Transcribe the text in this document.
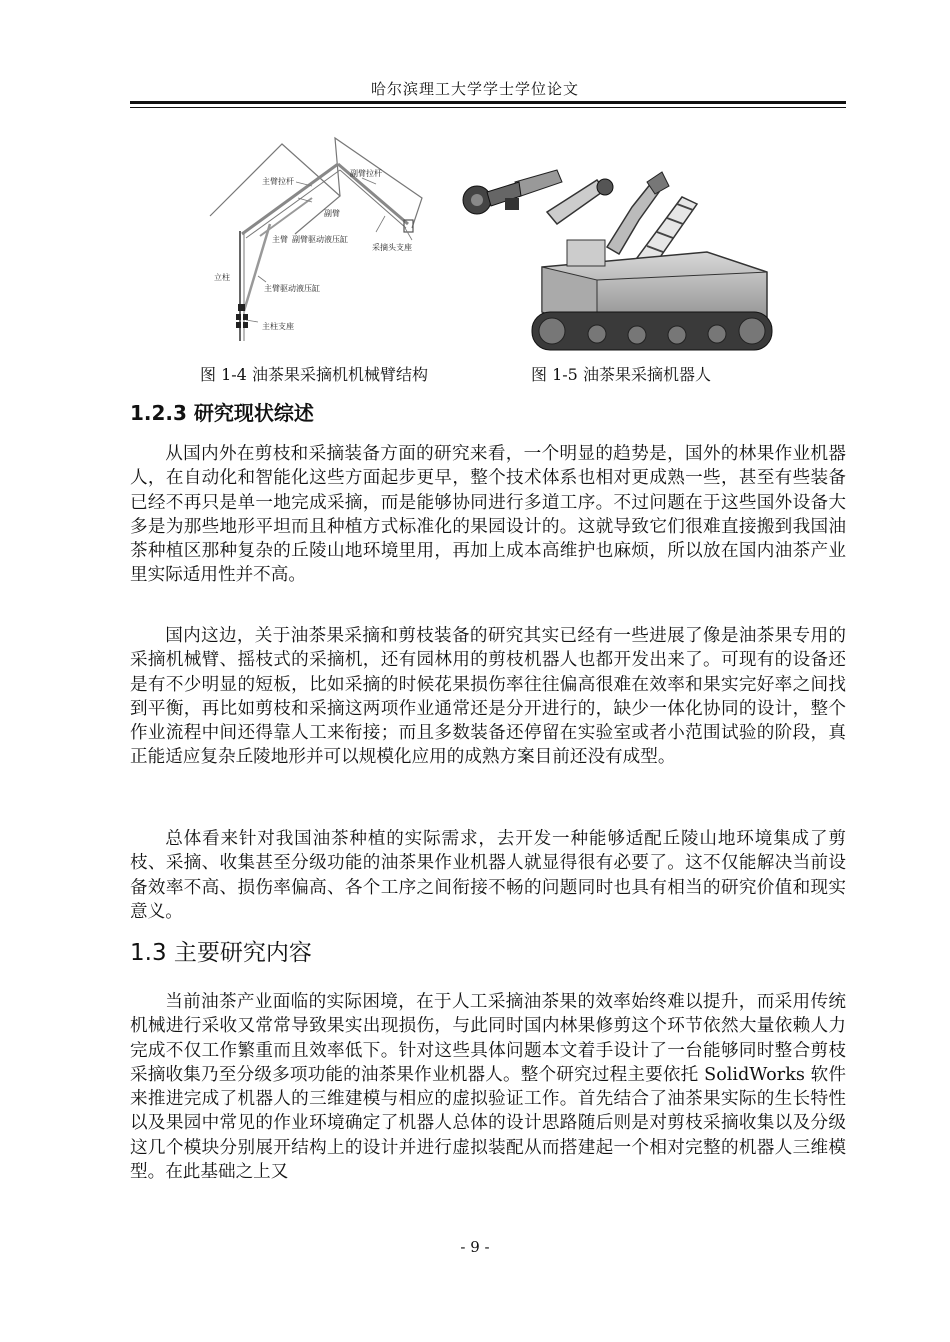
哈尔滨理工大学学士学位论文
主臂拉杆
副臂拉杆
副臂
主臂 副臂驱动液压缸
采摘头支座
立柱
主臂驱动液压缸
主柱支座
图 1-4 油茶果采摘机机械臂结构	图 1-5 油茶果采摘机器人
1.2.3 研究现状综述

从国内外在剪枝和采摘装备方面的研究来看，一个明显的趋势是，国外的林果作业机器人，在自动化和智能化这些方面起步更早，整个技术体系也相对更成熟一些，甚至有些装备已经不再只是单一地完成采摘，而是能够协同进行多道工序。不过问题在于这些国外设备大多是为那些地形平坦而且种植方式标准化的果园设计的。这就导致它们很难直接搬到我国油茶种植区那种复杂的丘陵山地环境里用，再加上成本高维护也麻烦，所以放在国内油茶产业里实际适用性并不高。

国内这边，关于油茶果采摘和剪枝装备的研究其实已经有一些进展了像是油茶果专用的采摘机械臂、摇枝式的采摘机，还有园林用的剪枝机器人也都开发出来了。可现有的设备还是有不少明显的短板，比如采摘的时候花果损伤率往往偏高很难在效率和果实完好率之间找到平衡，再比如剪枝和采摘这两项作业通常还是分开进行的，缺少一体化协同的设计，整个作业流程中间还得靠人工来衔接；而且多数装备还停留在实验室或者小范围试验的阶段，真正能适应复杂丘陵地形并可以规模化应用的成熟方案目前还没有成型。

总体看来针对我国油茶种植的实际需求，去开发一种能够适配丘陵山地环境集成了剪枝、采摘、收集甚至分级功能的油茶果作业机器人就显得很有必要了。这不仅能解决当前设备效率不高、损伤率偏高、各个工序之间衔接不畅的问题同时也具有相当的研究价值和现实意义。

1.3 主要研究内容

当前油茶产业面临的实际困境，在于人工采摘油茶果的效率始终难以提升，而采用传统机械进行采收又常常导致果实出现损伤，与此同时国内林果修剪这个环节依然大量依赖人力完成不仅工作繁重而且效率低下。针对这些具体问题本文着手设计了一台能够同时整合剪枝采摘收集乃至分级多项功能的油茶果作业机器人。整个研究过程主要依托 SolidWorks 软件来推进完成了机器人的三维建模与相应的虚拟验证工作。首先结合了油茶果实际的生长特性以及果园中常见的作业环境确定了机器人总体的设计思路随后则是对剪枝采摘收集以及分级这几个模块分别展开结构上的设计并进行虚拟装配从而搭建起一个相对完整的机器人三维模型。在此基础之上又

- 9 -
